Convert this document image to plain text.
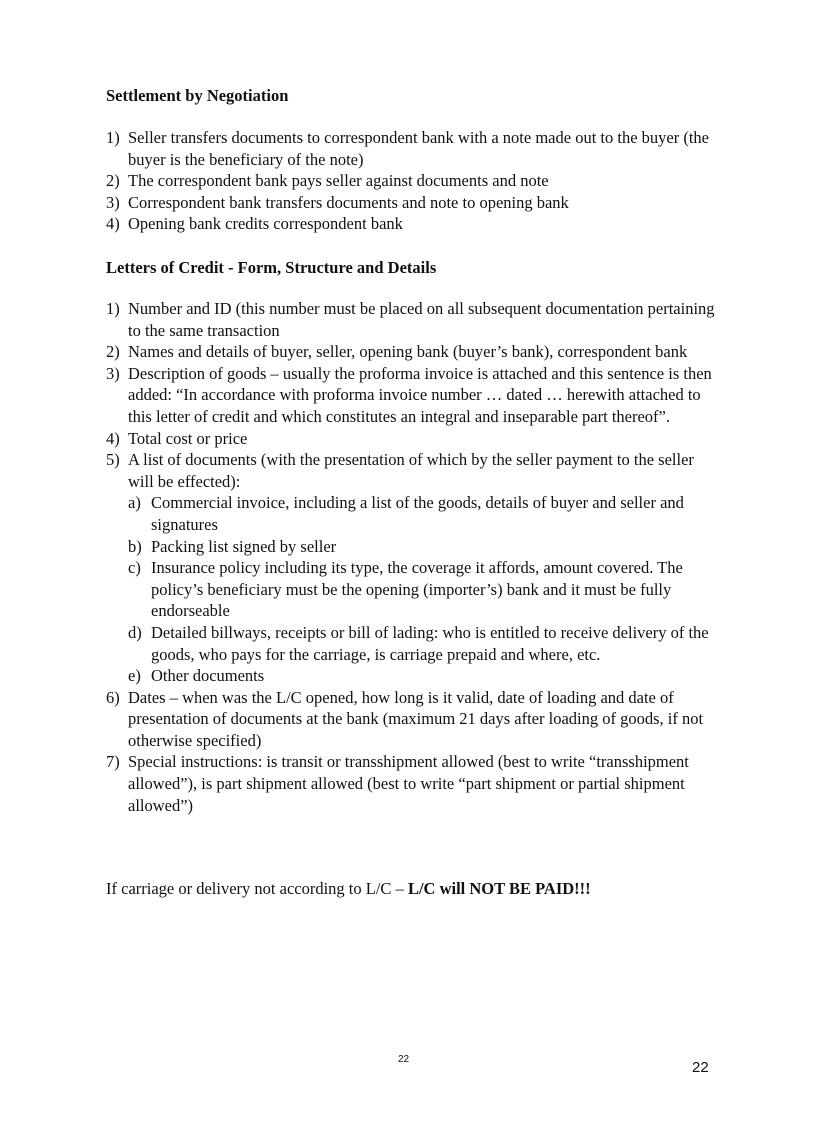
Settlement by Negotiation
1) Seller transfers documents to correspondent bank with a note made out to the buyer (the buyer is the beneficiary of the note)
2) The correspondent bank pays seller against documents and note
3) Correspondent bank transfers documents and note to opening bank
4) Opening bank credits correspondent bank
Letters of Credit - Form, Structure and Details
1) Number and ID (this number must be placed on all subsequent documentation pertaining to the same transaction
2) Names and details of buyer, seller, opening bank (buyer’s bank), correspondent bank
3) Description of goods – usually the proforma invoice is attached and this sentence is then added: “In accordance with proforma invoice number … dated … herewith attached to this letter of credit and which constitutes an integral and inseparable part thereof”.
4) Total cost or price
5) A list of documents (with the presentation of which by the seller payment to the seller will be effected):
a) Commercial invoice, including a list of the goods, details of buyer and seller and signatures
b) Packing list signed by seller
c) Insurance policy including its type, the coverage it affords, amount covered. The policy’s beneficiary must be the opening (importer’s) bank and it must be fully endorseable
d) Detailed billways, receipts or bill of lading: who is entitled to receive delivery of the goods, who pays for the carriage, is carriage prepaid and where, etc.
e) Other documents
6) Dates – when was the L/C opened, how long is it valid, date of loading and date of presentation of documents at the bank (maximum 21 days after loading of goods, if not otherwise specified)
7) Special instructions: is transit or transshipment allowed (best to write “transshipment allowed”), is part shipment allowed (best to write “part shipment or partial shipment allowed”)

If carriage or delivery not according to L/C – L/C will NOT BE PAID!!!

22	22
